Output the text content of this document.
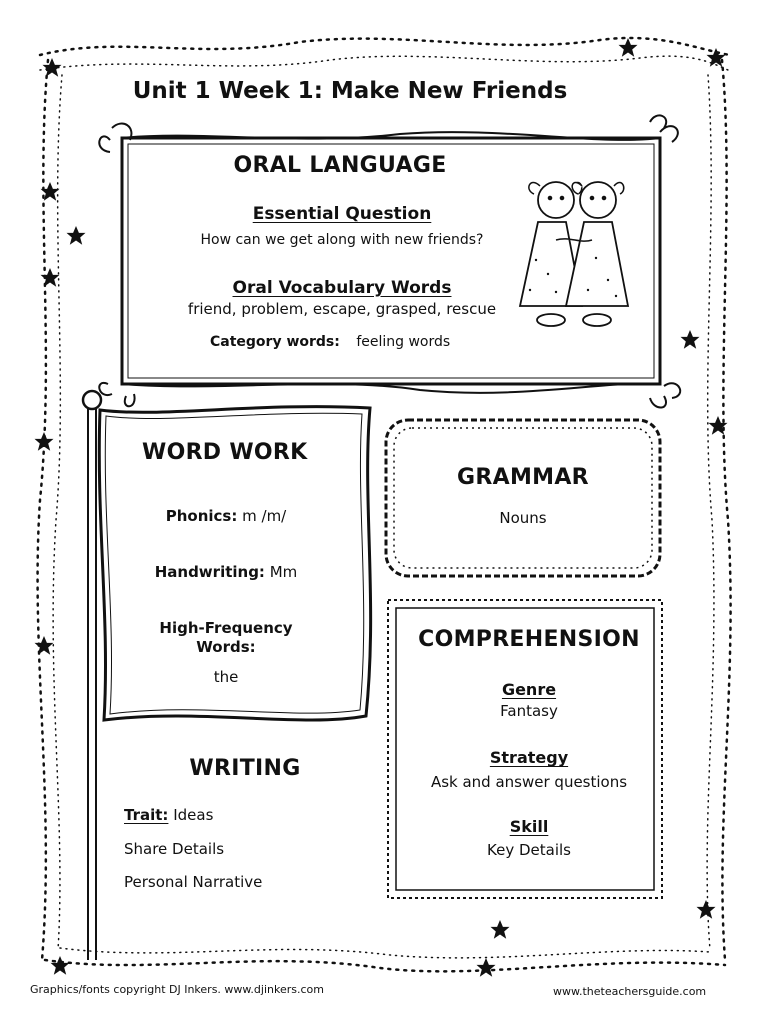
Unit 1 Week 1: Make New Friends
ORAL LANGUAGE
Essential Question
How can we get along with new friends?
Oral Vocabulary Words
friend, problem, escape, grasped, rescue
Category words: feeling words
WORD WORK
Phonics: m /m/
Handwriting: Mm
High-Frequency
Words:
the
GRAMMAR
Nouns
COMPREHENSION
Genre
Fantasy
Strategy
Ask and answer questions
Skill
Key Details
WRITING
Trait: Ideas
Share Details
Personal Narrative
Graphics/fonts copyright DJ Inkers. www.djinkers.com	www.theteachersguide.com
